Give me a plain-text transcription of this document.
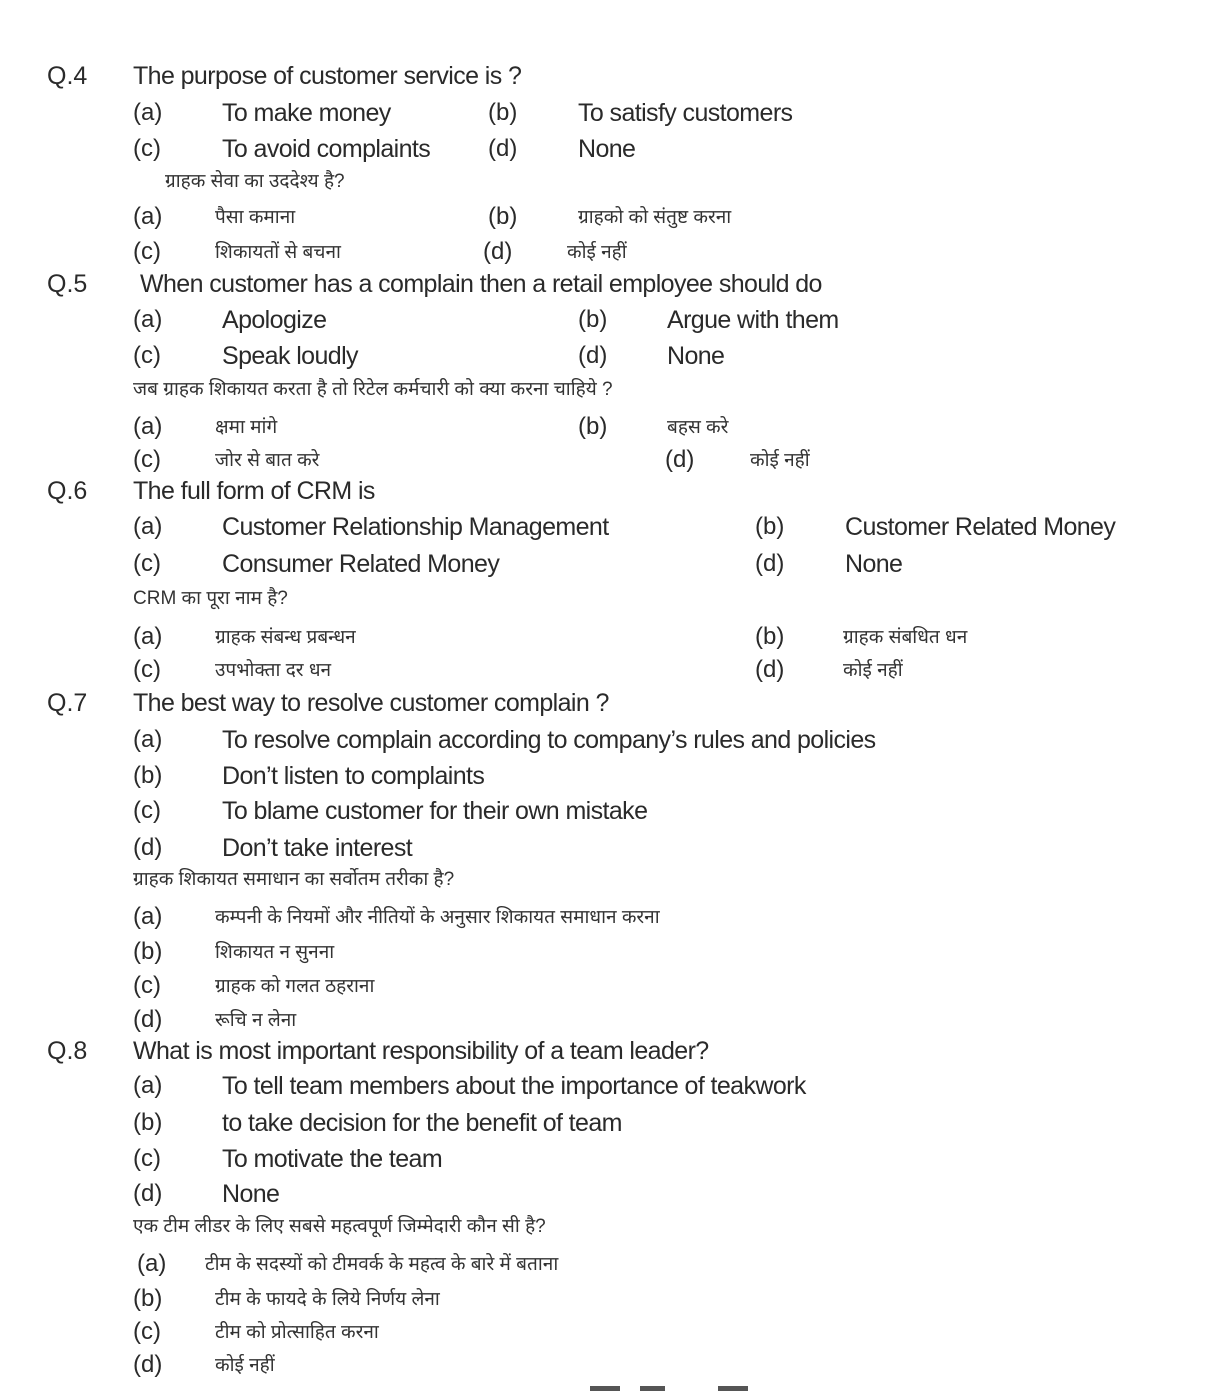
Q.4 The purpose of customer service is ?
(a) To make money	(b) To satisfy customers
(c) To avoid complaints (d) None
ग्राहक सेवा का उददेश्य है?
(a)	पैसा कमाना	(b)	ग्राहको को संतुष्ट करना
(c)	शिकायतों से बचना	(d)	कोई नहीं
Q.5 When customer has a complain then a retail employee should do
(a) Apologize	(b) Argue with them
(c) Speak loudly	(d) None
जब ग्राहक शिकायत करता है तो रिटेल कर्मचारी को क्या करना चाहिये ?
(a)	क्षमा मांगे	(b)	बहस करे
(c)	जोर से बात करे	(d)	कोई नहीं
Q.6 The full form of CRM is
(a) Customer Relationship Management	(b) Customer Related Money
(c) Consumer Related Money	(d) None
CRM का पूरा नाम है?
(a)	ग्राहक संबन्ध प्रबन्धन	(b)	ग्राहक संबधित धन
(c)	उपभोक्ता दर धन	(d)	कोई नहीं
Q.7 The best way to resolve customer complain ?
(a) To resolve complain according to company’s rules and policies
(b) Don’t listen to complaints
(c) To blame customer for their own mistake
(d) Don’t take interest
ग्राहक शिकायत समाधान का सर्वोतम तरीका है?
(a)	कम्पनी के नियमों और नीतियों के अनुसार शिकायत समाधान करना
(b)	शिकायत न सुनना
(c)	ग्राहक को गलत ठहराना
(d)	रूचि न लेना
Q.8 What is most important responsibility of a team leader?
(a) To tell team members about the importance of teakwork
(b) to take decision for the benefit of team
(c) To motivate the team
(d) None
एक टीम लीडर के लिए सबसे महत्वपूर्ण जिम्मेदारी कौन सी है?
(a) टीम के सदस्यों को टीमवर्क के महत्व के बारे में बताना
(b)	टीम के फायदे के लिये निर्णय लेना
(c)	टीम को प्रोत्साहित करना
(d)	कोई नहीं
